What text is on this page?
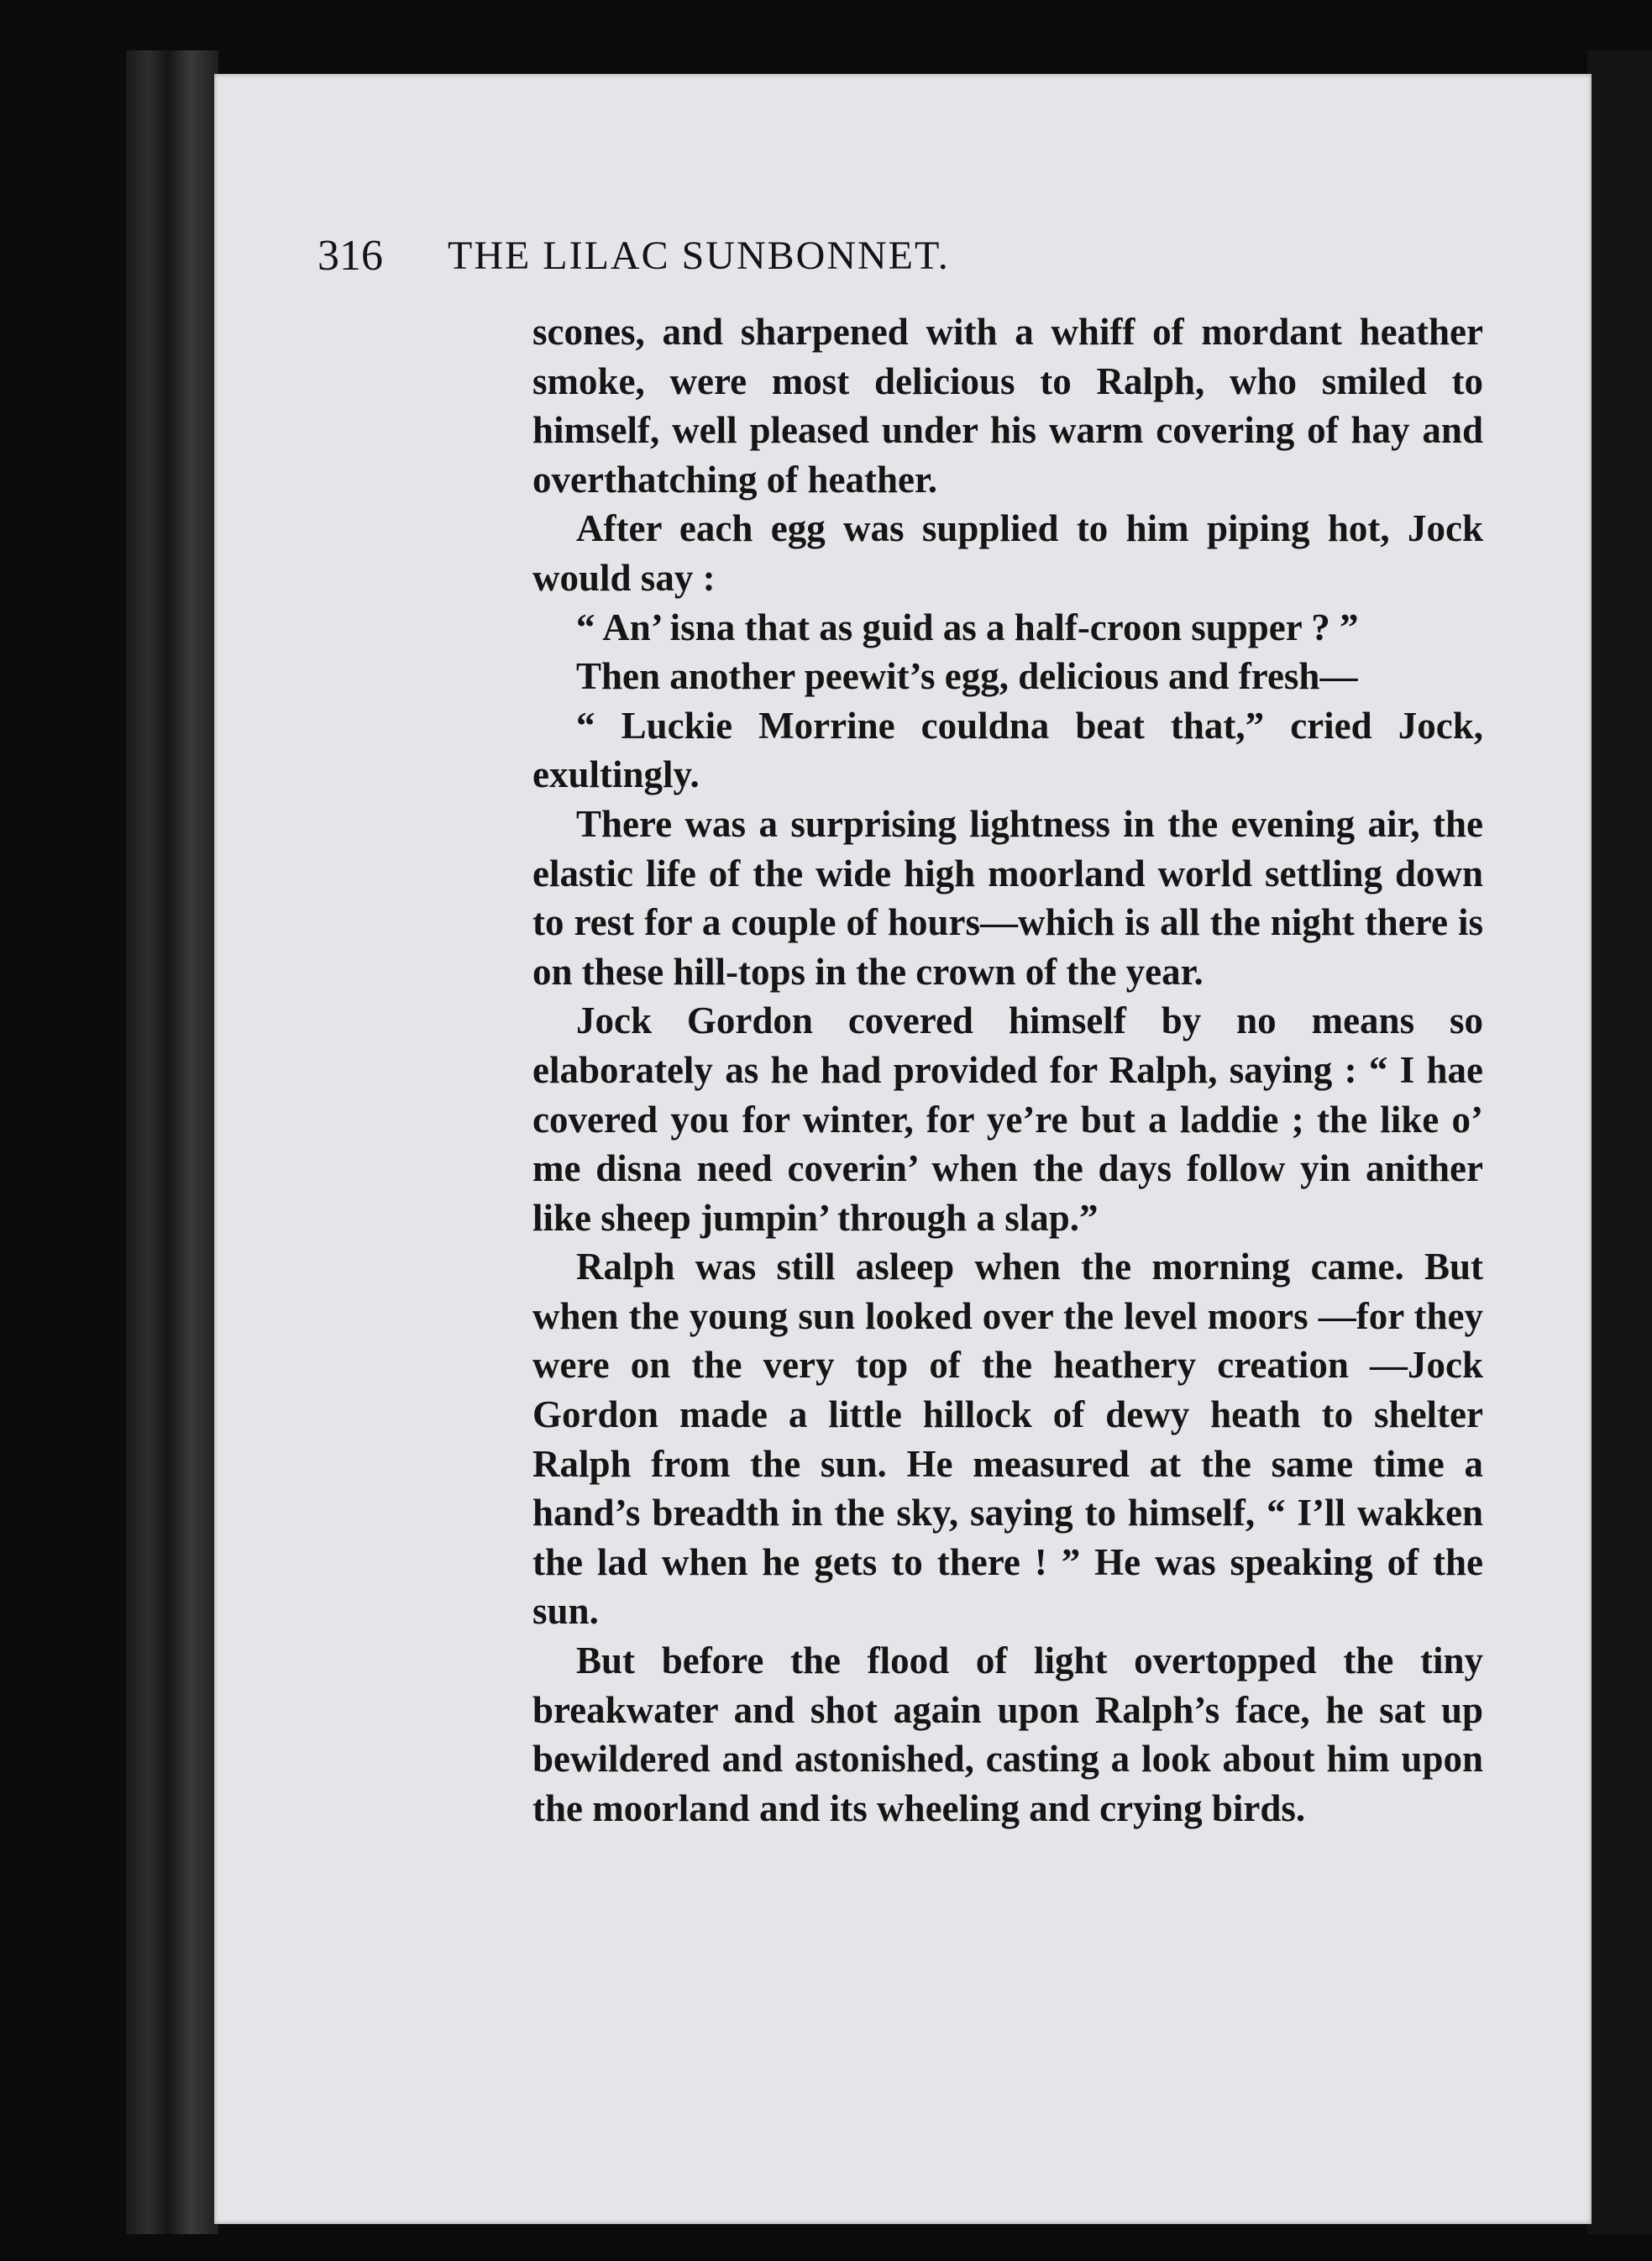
316 THE LILAC SUNBONNET.

scones, and sharpened with a whiff of mordant heather smoke, were most delicious to Ralph, who smiled to himself, well pleased under his warm covering of hay and overthatching of heather.

After each egg was supplied to him piping hot, Jock would say :

“ An’ isna that as guid as a half-croon supper ? ”

Then another peewit’s egg, delicious and fresh—

“ Luckie Morrine couldna beat that,” cried Jock, exultingly.

There was a surprising lightness in the evening air, the elastic life of the wide high moorland world settling down to rest for a couple of hours—which is all the night there is on these hill-tops in the crown of the year.

Jock Gordon covered himself by no means so elaborately as he had provided for Ralph, saying : “ I hae covered you for winter, for ye’re but a laddie ; the like o’ me disna need coverin’ when the days follow yin anither like sheep jumpin’ through a slap.”

Ralph was still asleep when the morning came. But when the young sun looked over the level moors —for they were on the very top of the heathery creation —Jock Gordon made a little hillock of dewy heath to shelter Ralph from the sun. He measured at the same time a hand’s breadth in the sky, saying to himself, “ I’ll wakken the lad when he gets to there ! ” He was speaking of the sun.

But before the flood of light overtopped the tiny breakwater and shot again upon Ralph’s face, he sat up bewildered and astonished, casting a look about him upon the moorland and its wheeling and crying birds.
